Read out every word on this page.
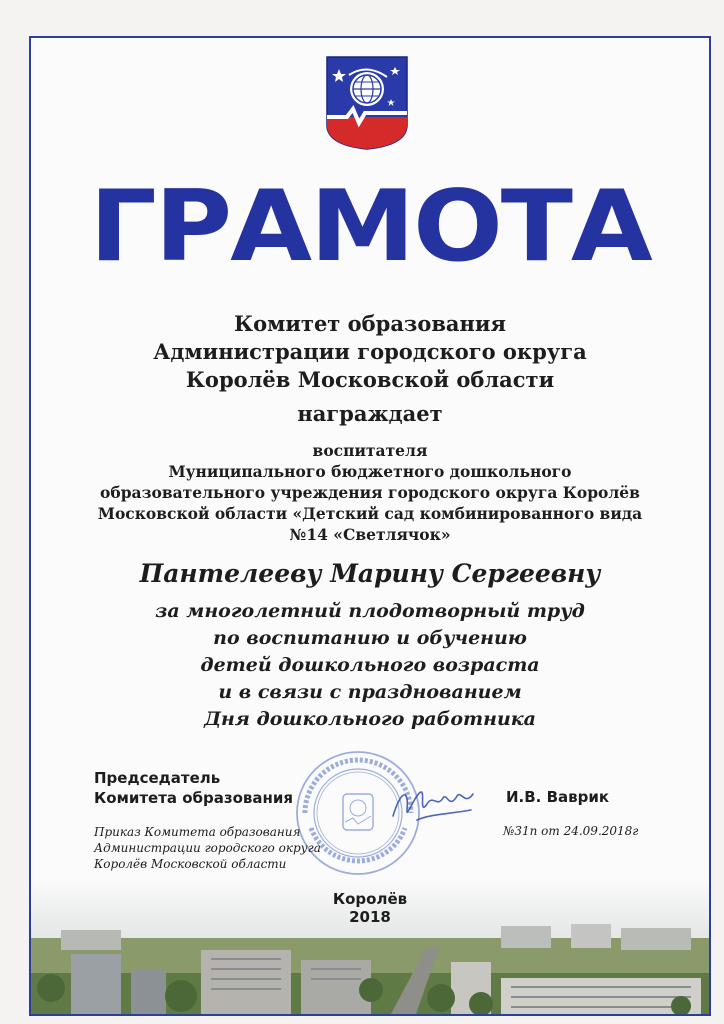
ГРАМОТА
Комитет образования
Администрации городского округа
Королёв Московской области
награждает
воспитателя
Муниципального бюджетного дошкольного
образовательного учреждения городского округа Королёв
Московской области «Детский сад комбинированного вида
№14 «Светлячок»
Пантелееву Марину Сергеевну
за многолетний плодотворный труд
по воспитанию и обучению
детей дошкольного возраста
и в связи с празднованием
Дня дошкольного работника
Председатель
Комитета образования	И.В. Ваврик
Приказ Комитета образования
Администрации городского округа
Королёв Московской области
№31п от 24.09.2018г
Королёв
2018
